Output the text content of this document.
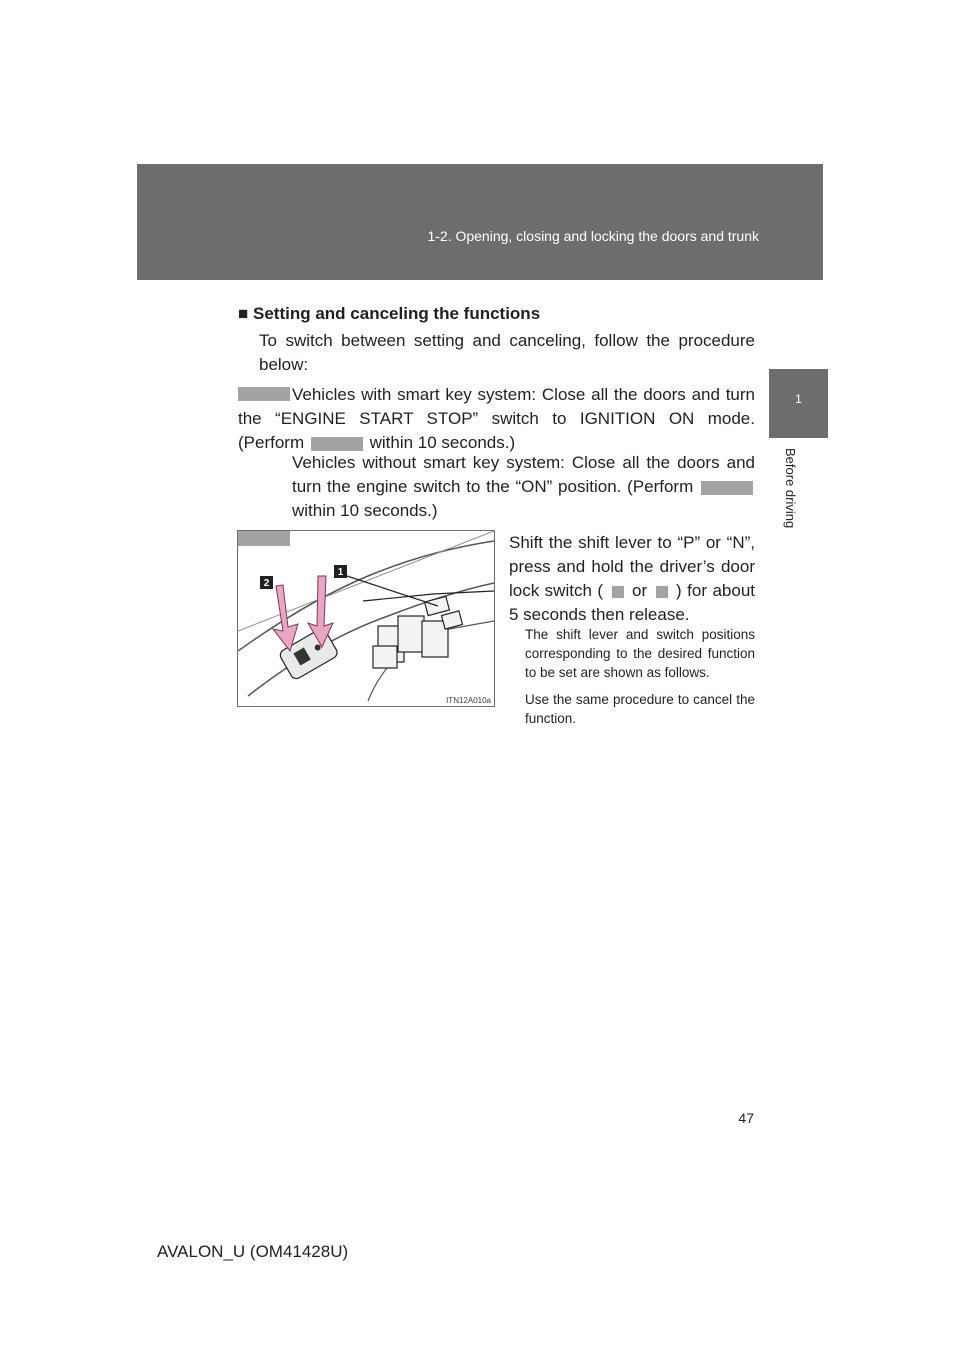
1-2. Opening, closing and locking the doors and trunk
1
Before driving
■ Setting and canceling the functions
To switch between setting and canceling, follow the procedure below:
Vehicles with smart key system: Close all the doors and turn the “ENGINE START STOP” switch to IGNITION ON mode. (Perform	within 10 seconds.)
Vehicles without smart key system: Close all the doors and turn the engine switch to the “ON” position. (Perform  within 10 seconds.)
2
1
ITN12A010a
Shift the shift lever to “P” or “N”, press and hold the driver’s door lock switch ( or ) for about 5 seconds then release.

The shift lever and switch positions corresponding to the desired function to be set are shown as follows.

Use the same procedure to cancel the function.

47
AVALON_U (OM41428U)
